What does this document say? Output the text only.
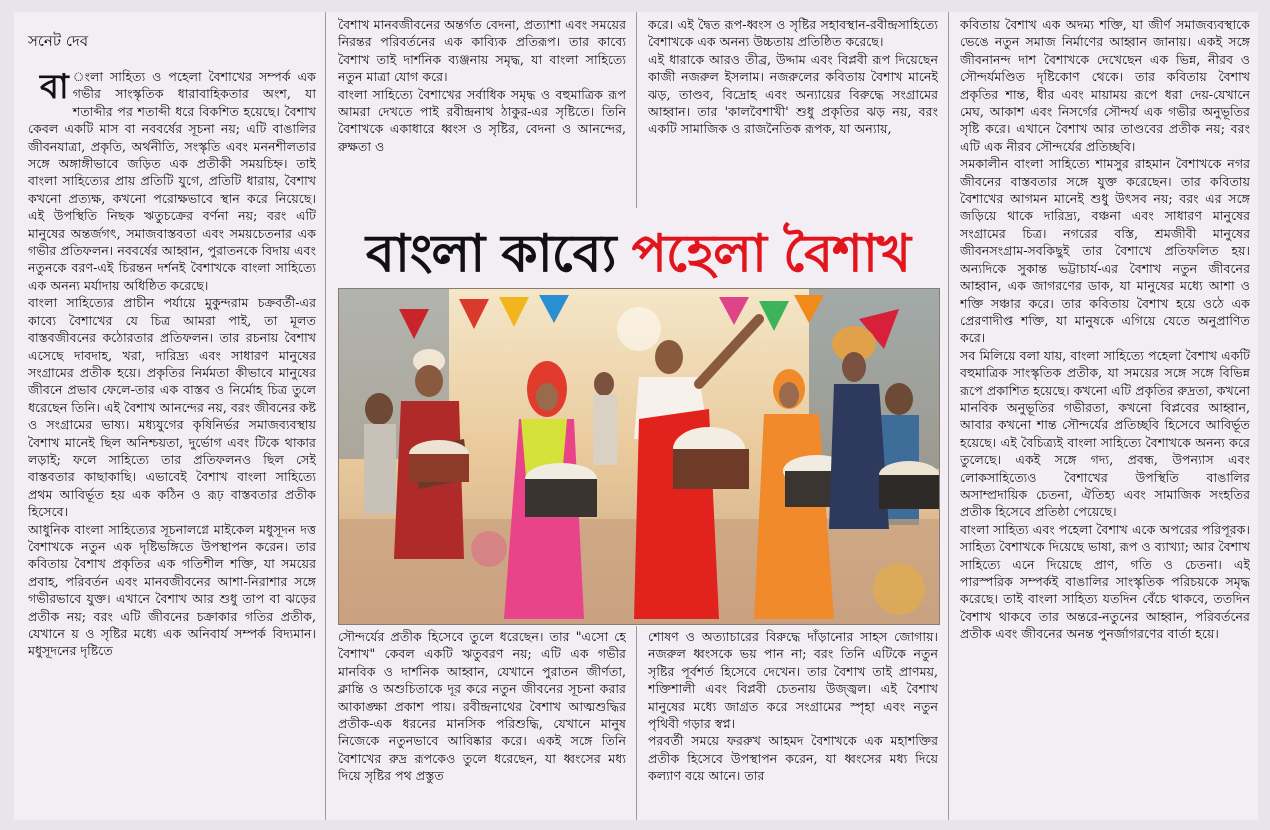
সনেট দেব

বা ংলা সাহিত্য ও পহেলা বৈশাখের সম্পর্ক এক গভীর সাংস্কৃতিক ধারাবাহিকতার অংশ, যা শতাব্দীর পর শতাব্দী ধরে বিকশিত হয়েছে। বৈশাখ কেবল একটি মাস বা নববর্ষের সূচনা নয়; এটি বাঙালির জীবনযাত্রা, প্রকৃতি, অর্থনীতি, সংস্কৃতি এবং মননশীলতার সঙ্গে অঙ্গাঙ্গীভাবে জড়িত এক প্রতীকী সময়চিহ্ন। তাই বাংলা সাহিত্যের প্রায় প্রতিটি যুগে, প্রতিটি ধারায়, বৈশাখ কখনো প্রত্যক্ষ, কখনো পরোক্ষভাবে স্থান করে নিয়েছে। এই উপস্থিতি নিছক ঋতুচক্রের বর্ণনা নয়; বরং এটি মানুষের অন্তর্জগৎ, সমাজবাস্তবতা এবং সময়চেতনার এক গভীর প্রতিফলন। নববর্ষের আহ্বান, পুরাতনকে বিদায় এবং নতুনকে বরণ-এই চিরন্তন দর্শনই বৈশাখকে বাংলা সাহিত্যে এক অনন্য মর্যাদায় অধিষ্ঠিত করেছে।

বাংলা সাহিত্যের প্রাচীন পর্যায়ে মুকুন্দরাম চক্রবর্তী-এর কাব্যে বৈশাখের যে চিত্র আমরা পাই, তা মূলত বাস্তবজীবনের কঠোরতার প্রতিফলন। তার রচনায় বৈশাখ এসেছে দাবদাহ, খরা, দারিদ্র্য এবং সাধারণ মানুষের সংগ্রামের প্রতীক হয়ে। প্রকৃতির নির্মমতা কীভাবে মানুষের জীবনে প্রভাব ফেলে-তার এক বাস্তব ও নির্মোহ চিত্র তুলে ধরেছেন তিনি। এই বৈশাখ আনন্দের নয়, বরং জীবনের কষ্ট ও সংগ্রামের ভাষ্য। মধ্যযুগের কৃষিনির্ভর সমাজব্যবস্থায় বৈশাখ মানেই ছিল অনিশ্চয়তা, দুর্ভোগ এবং টিকে থাকার লড়াই; ফলে সাহিত্যে তার প্রতিফলনও ছিল সেই বাস্তবতার কাছাকাছি। এভাবেই বৈশাখ বাংলা সাহিত্যে প্রথম আবির্ভূত হয় এক কঠিন ও রূঢ় বাস্তবতার প্রতীক হিসেবে।

আধুনিক বাংলা সাহিত্যের সূচনালগ্নে মাইকেল মধুসূদন দত্ত বৈশাখকে নতুন এক দৃষ্টিভঙ্গিতে উপস্থাপন করেন। তার কবিতায় বৈশাখ প্রকৃতির এক গতিশীল শক্তি, যা সময়ের প্রবাহ, পরিবর্তন এবং মানবজীবনের আশা-নিরাশার সঙ্গে গভীরভাবে যুক্ত। এখানে বৈশাখ আর শুধু তাপ বা ঝড়ের প্রতীক নয়; বরং এটি জীবনের চক্রাকার গতির প্রতীক, যেখানে য় ও সৃষ্টির মধ্যে এক অনিবার্য সম্পর্ক বিদ্যমান। মধুসূদনের দৃষ্টিতে

বৈশাখ মানবজীবনের অন্তর্গত বেদনা, প্রত্যাশা এবং সময়ের নিরন্তর পরিবর্তনের এক কাব্যিক প্রতিরূপ। তার কাব্যে বৈশাখ তাই দার্শনিক ব্যঞ্জনায় সমৃদ্ধ, যা বাংলা সাহিত্যে নতুন মাত্রা যোগ করে।

বাংলা সাহিত্যে বৈশাখের সর্বাধিক সমৃদ্ধ ও বহুমাত্রিক রূপ আমরা দেখতে পাই রবীন্দ্রনাথ ঠাকুর-এর সৃষ্টিতে। তিনি বৈশাখকে একাধারে ধ্বংস ও সৃষ্টির, বেদনা ও আনন্দের, রুক্ষতা ও

করে। এই দ্বৈত রূপ-ধ্বংস ও সৃষ্টির সহাবস্থান-রবীন্দ্রসাহিত্যে বৈশাখকে এক অনন্য উচ্চতায় প্রতিষ্ঠিত করেছে।

এই ধারাকে আরও তীব্র, উদ্দাম এবং বিপ্লবী রূপ দিয়েছেন কাজী নজরুল ইসলাম। নজরুলের কবিতায় বৈশাখ মানেই ঝড়, তাণ্ডব, বিদ্রোহ এবং অন্যায়ের বিরুদ্ধে সংগ্রামের আহ্বান। তার 'কালবৈশাখী' শুধু প্রকৃতির ঝড় নয়, বরং একটি সামাজিক ও রাজনৈতিক রূপক, যা অন্যায়,

বাংলা কাব্যে পহেলা বৈশাখ

সৌন্দর্যের প্রতীক হিসেবে তুলে ধরেছেন। তার "এসো হে বৈশাখ" কেবল একটি ঋতুবরণ নয়; এটি এক গভীর মানবিক ও দার্শনিক আহ্বান, যেখানে পুরাতন জীর্ণতা, ক্লান্তি ও অশুচিতাকে দূর করে নতুন জীবনের সূচনা করার আকাঙ্ক্ষা প্রকাশ পায়। রবীন্দ্রনাথের বৈশাখ আত্মশুদ্ধির প্রতীক-এক ধরনের মানসিক পরিশুদ্ধি, যেখানে মানুষ নিজেকে নতুনভাবে আবিষ্কার করে। একই সঙ্গে তিনি বৈশাখের রুদ্র রূপকেও তুলে ধরেছেন, যা ধ্বংসের মধ্য দিয়ে সৃষ্টির পথ প্রস্তুত

শোষণ ও অত্যাচারের বিরুদ্ধে দাঁড়ানোর সাহস জোগায়। নজরুল ধ্বংসকে ভয় পান না; বরং তিনি এটিকে নতুন সৃষ্টির পূর্বশর্ত হিসেবে দেখেন। তার বৈশাখ তাই প্রাণময়, শক্তিশালী এবং বিপ্লবী চেতনায় উজ্জ্বল। এই বৈশাখ মানুষের মধ্যে জাগ্রত করে সংগ্রামের স্পৃহা এবং নতুন পৃথিবী গড়ার স্বপ্ন।

পরবর্তী সময়ে ফররুখ আহমদ বৈশাখকে এক মহাশক্তির প্রতীক হিসেবে উপস্থাপন করেন, যা ধ্বংসের মধ্য দিয়ে কল্যাণ বয়ে আনে। তার

কবিতায় বৈশাখ এক অদম্য শক্তি, যা জীর্ণ সমাজব্যবস্থাকে ভেঙে নতুন সমাজ নির্মাণের আহ্বান জানায়। একই সঙ্গে জীবনানন্দ দাশ বৈশাখকে দেখেছেন এক ভিন্ন, নীরব ও সৌন্দর্যমণ্ডিত দৃষ্টিকোণ থেকে। তার কবিতায় বৈশাখ প্রকৃতির শান্ত, ধীর এবং মায়াময় রূপে ধরা দেয়-যেখানে মেঘ, আকাশ এবং নিসর্গের সৌন্দর্য এক গভীর অনুভূতির সৃষ্টি করে। এখানে বৈশাখ আর তাণ্ডবের প্রতীক নয়; বরং এটি এক নীরব সৌন্দর্যের প্রতিচ্ছবি।

সমকালীন বাংলা সাহিত্যে শামসুর রাহমান বৈশাখকে নগর জীবনের বাস্তবতার সঙ্গে যুক্ত করেছেন। তার কবিতায় বৈশাখের আগমন মানেই শুধু উৎসব নয়; বরং এর সঙ্গে জড়িয়ে থাকে দারিদ্র্য, বঞ্চনা এবং সাধারণ মানুষের সংগ্রামের চিত্র। নগরের বস্তি, শ্রমজীবী মানুষের জীবনসংগ্রাম-সবকিছুই তার বৈশাখে প্রতিফলিত হয়। অন্যদিকে সুকান্ত ভট্টাচার্য-এর বৈশাখ নতুন জীবনের আহ্বান, এক জাগরণের ডাক, যা মানুষের মধ্যে আশা ও শক্তি সঞ্চার করে। তার কবিতায় বৈশাখ হয়ে ওঠে এক প্রেরণাদীপ্ত শক্তি, যা মানুষকে এগিয়ে যেতে অনুপ্রাণিত করে।

সব মিলিয়ে বলা যায়, বাংলা সাহিত্যে পহেলা বৈশাখ একটি বহুমাত্রিক সাংস্কৃতিক প্রতীক, যা সময়ের সঙ্গে সঙ্গে বিভিন্ন রূপে প্রকাশিত হয়েছে। কখনো এটি প্রকৃতির রুদ্রতা, কখনো মানবিক অনুভূতির গভীরতা, কখনো বিপ্লবের আহ্বান, আবার কখনো শান্ত সৌন্দর্যের প্রতিচ্ছবি হিসেবে আবির্ভূত হয়েছে। এই বৈচিত্র্যই বাংলা সাহিত্যে বৈশাখকে অনন্য করে তুলেছে। একই সঙ্গে গদ্য, প্রবন্ধ, উপন্যাস এবং লোকসাহিত্যেও বৈশাখের উপস্থিতি বাঙালির অসাম্প্রদায়িক চেতনা, ঐতিহ্য এবং সামাজিক সংহতির প্রতীক হিসেবে প্রতিষ্ঠা পেয়েছে।

বাংলা সাহিত্য এবং পহেলা বৈশাখ একে অপরের পরিপূরক। সাহিত্য বৈশাখকে দিয়েছে ভাষা, রূপ ও ব্যাখ্যা; আর বৈশাখ সাহিত্যে এনে দিয়েছে প্রাণ, গতি ও চেতনা। এই পারস্পরিক সম্পর্কই বাঙালির সাংস্কৃতিক পরিচয়কে সমৃদ্ধ করেছে। তাই বাংলা সাহিত্য যতদিন বেঁচে থাকবে, ততদিন বৈশাখ থাকবে তার অন্তরে-নতুনের আহ্বান, পরিবর্তনের প্রতীক এবং জীবনের অনন্ত পুনর্জাগরণের বার্তা হয়ে।
